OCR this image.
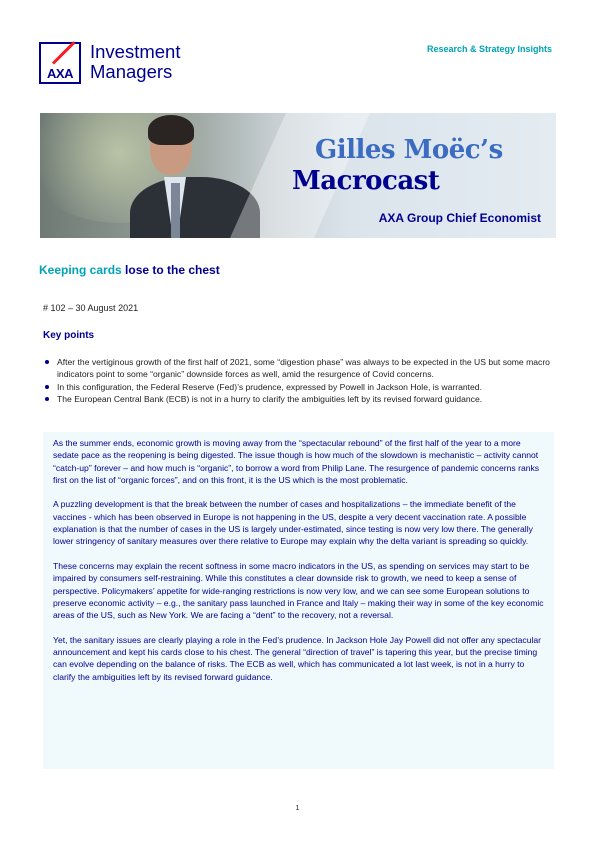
AXA
Investment
Managers
Research & Strategy Insights
Gilles Moëc’s
Macrocast
AXA Group Chief Economist
Keeping cards lose to the chest
# 102 – 30 August 2021
Key points
After the vertiginous growth of the first half of 2021, some “digestion phase” was always to be expected in the US but some macro indicators point to some “organic” downside forces as well, amid the resurgence of Covid concerns.
In this configuration, the Federal Reserve (Fed)’s prudence, expressed by Powell in Jackson Hole, is warranted.
The European Central Bank (ECB) is not in a hurry to clarify the ambiguities left by its revised forward guidance.

As the summer ends, economic growth is moving away from the “spectacular rebound” of the first half of the year to a more sedate pace as the reopening is being digested. The issue though is how much of the slowdown is mechanistic – activity cannot “catch-up” forever – and how much is “organic”, to borrow a word from Philip Lane. The resurgence of pandemic concerns ranks first on the list of “organic forces”, and on this front, it is the US which is the most problematic.

A puzzling development is that the break between the number of cases and hospitalizations – the immediate benefit of the vaccines - which has been observed in Europe is not happening in the US, despite a very decent vaccination rate. A possible explanation is that the number of cases in the US is largely under-estimated, since testing is now very low there. The generally lower stringency of sanitary measures over there relative to Europe may explain why the delta variant is spreading so quickly.

These concerns may explain the recent softness in some macro indicators in the US, as spending on services may start to be impaired by consumers self-restraining. While this constitutes a clear downside risk to growth, we need to keep a sense of perspective. Policymakers’ appetite for wide-ranging restrictions is now very low, and we can see some European solutions to preserve economic activity – e.g., the sanitary pass launched in France and Italy – making their way in some of the key economic areas of the US, such as New York. We are facing a “dent” to the recovery, not a reversal.

Yet, the sanitary issues are clearly playing a role in the Fed’s prudence. In Jackson Hole Jay Powell did not offer any spectacular announcement and kept his cards close to his chest. The general “direction of travel” is tapering this year, but the precise timing can evolve depending on the balance of risks. The ECB as well, which has communicated a lot last week, is not in a hurry to clarify the ambiguities left by its revised forward guidance.

1
